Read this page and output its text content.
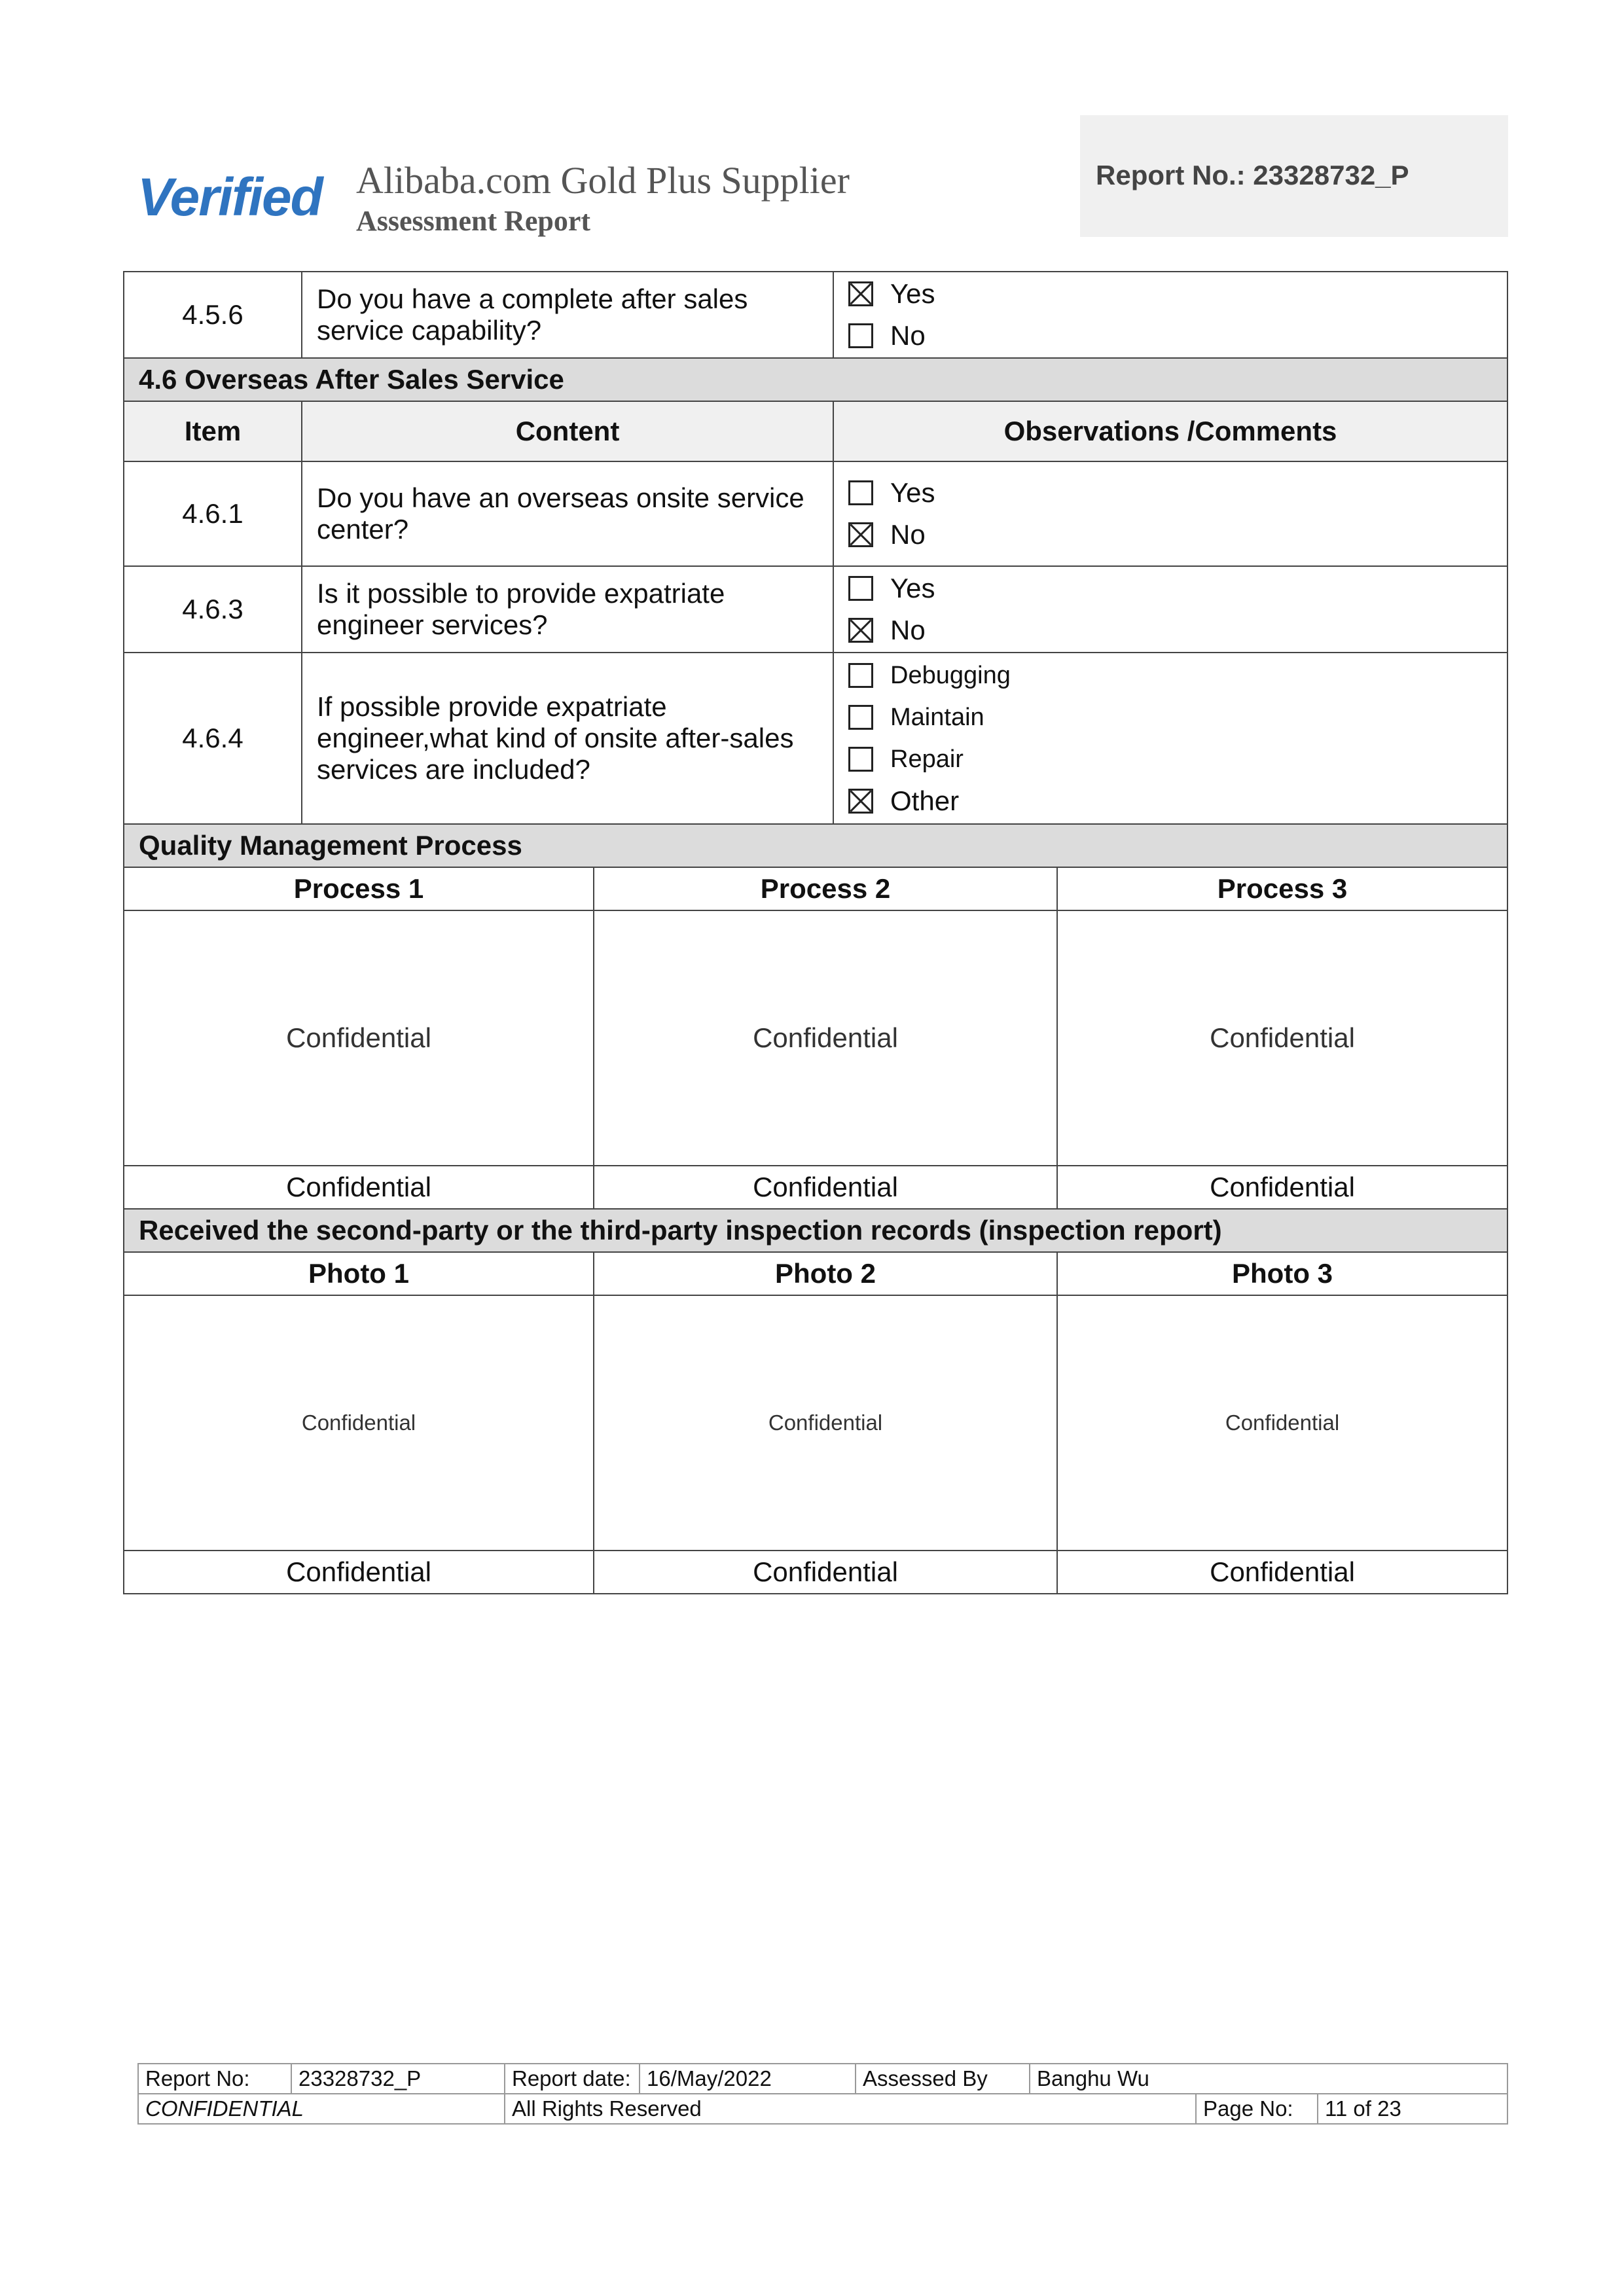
Verified Alibaba.com Gold Plus Supplier
Assessment Report
Report No.: 23328732_P
4.5.6	Do you have a complete after sales service capability?		Yes
No	

4.6 Overseas After Sales Service				
Item	Content		Observations /Comments	
4.6.1	Do you have an overseas onsite service center?		Yes
No	

4.6.3	Is it possible to provide expatriate engineer services?		Yes
No	

4.6.4	If possible provide expatriate engineer,what kind of onsite after-sales services are included?		Debugging
Maintain
Repair
Other	

Quality Management Process				
Process 1		Process 2		Process 3
Confidential		Confidential		Confidential
Confidential		Confidential		Confidential
Received the second-party or the third-party inspection records (inspection report)				
Photo 1		Photo 2		Photo 3
Confidential		Confidential		Confidential
Confidential		Confidential		Confidential
Report No:	23328732_P	Report date:	16/May/2022	Assessed By	Banghu Wu		
CONFIDENTIAL		All Rights Reserved				Page No:	11 of 23
